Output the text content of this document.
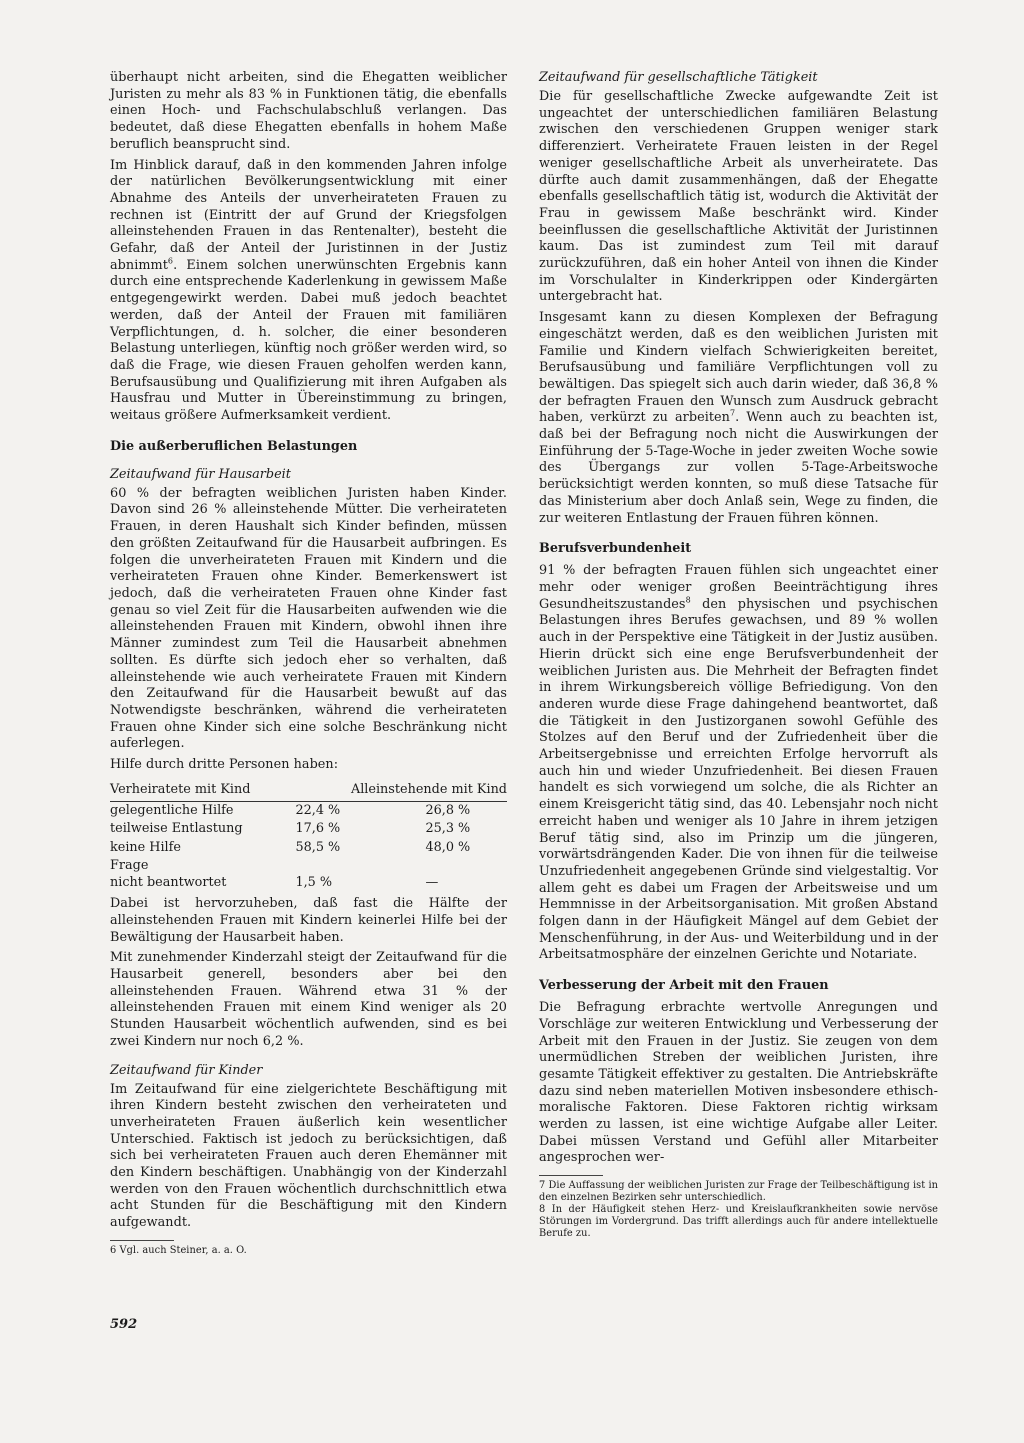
überhaupt nicht arbeiten, sind die Ehegatten weiblicher Juristen zu mehr als 83 % in Funktionen tätig, die ebenfalls einen Hoch- und Fachschulabschluß verlangen. Das bedeutet, daß diese Ehegatten ebenfalls in hohem Maße beruflich beansprucht sind.

Im Hinblick darauf, daß in den kommenden Jahren infolge der natürlichen Bevölkerungsentwicklung mit einer Abnahme des Anteils der unverheirateten Frauen zu rechnen ist (Eintritt der auf Grund der Kriegsfolgen alleinstehenden Frauen in das Rentenalter), besteht die Gefahr, daß der Anteil der Juristinnen in der Justiz abnimmt$^6$. Einem solchen unerwünschten Ergebnis kann durch eine entsprechende Kaderlenkung in gewissem Maße entgegengewirkt werden. Dabei muß jedoch beachtet werden, daß der Anteil der Frauen mit familiären Verpflichtungen, d. h. solcher, die einer besonderen Belastung unterliegen, künftig noch größer werden wird, so daß die Frage, wie diesen Frauen geholfen werden kann, Berufsausübung und Qualifizierung mit ihren Aufgaben als Hausfrau und Mutter in Übereinstimmung zu bringen, weitaus größere Aufmerksamkeit verdient.

Die außerberuflichen Belastungen
Zeitaufwand für Hausarbeit

60 % der befragten weiblichen Juristen haben Kinder. Davon sind 26 % alleinstehende Mütter. Die verheirateten Frauen, in deren Haushalt sich Kinder befinden, müssen den größten Zeitaufwand für die Hausarbeit aufbringen. Es folgen die unverheirateten Frauen mit Kindern und die verheirateten Frauen ohne Kinder. Bemerkenswert ist jedoch, daß die verheirateten Frauen ohne Kinder fast genau so viel Zeit für die Hausarbeiten aufwenden wie die alleinstehenden Frauen mit Kindern, obwohl ihnen ihre Männer zumindest zum Teil die Hausarbeit abnehmen sollten. Es dürfte sich jedoch eher so verhalten, daß alleinstehende wie auch verheiratete Frauen mit Kindern den Zeitaufwand für die Hausarbeit bewußt auf das Notwendigste beschränken, während die verheirateten Frauen ohne Kinder sich eine solche Beschränkung nicht auferlegen.

Hilfe durch dritte Personen haben:

Verheiratete mit Kind	Alleinstehende mit Kind	
gelegentliche Hilfe	22,4 %	26,8 %
teilweise Entlastung	17,6 %	25,3 %
keine Hilfe	58,5 %	48,0 %
Frage
nicht beantwortet	1,5 %	—

Dabei ist hervorzuheben, daß fast die Hälfte der alleinstehenden Frauen mit Kindern keinerlei Hilfe bei der Bewältigung der Hausarbeit haben.

Mit zunehmender Kinderzahl steigt der Zeitaufwand für die Hausarbeit generell, besonders aber bei den alleinstehenden Frauen. Während etwa 31 % der alleinstehenden Frauen mit einem Kind weniger als 20 Stunden Hausarbeit wöchentlich aufwenden, sind es bei zwei Kindern nur noch 6,2 %.

Zeitaufwand für Kinder

Im Zeitaufwand für eine zielgerichtete Beschäftigung mit ihren Kindern besteht zwischen den verheirateten und unverheirateten Frauen äußerlich kein wesentlicher Unterschied. Faktisch ist jedoch zu berücksichtigen, daß sich bei verheirateten Frauen auch deren Ehemänner mit den Kindern beschäftigen. Unabhängig von der Kinderzahl werden von den Frauen wöchentlich durchschnittlich etwa acht Stunden für die Beschäftigung mit den Kindern aufgewandt.

6 Vgl. auch Steiner, a. a. O.

Zeitaufwand für gesellschaftliche Tätigkeit

Die für gesellschaftliche Zwecke aufgewandte Zeit ist ungeachtet der unterschiedlichen familiären Belastung zwischen den verschiedenen Gruppen weniger stark differenziert. Verheiratete Frauen leisten in der Regel weniger gesellschaftliche Arbeit als unverheiratete. Das dürfte auch damit zusammenhängen, daß der Ehegatte ebenfalls gesellschaftlich tätig ist, wodurch die Aktivität der Frau in gewissem Maße beschränkt wird. Kinder beeinflussen die gesellschaftliche Aktivität der Juristinnen kaum. Das ist zumindest zum Teil mit darauf zurückzuführen, daß ein hoher Anteil von ihnen die Kinder im Vorschulalter in Kinderkrippen oder Kindergärten untergebracht hat.

Insgesamt kann zu diesen Komplexen der Befragung eingeschätzt werden, daß es den weiblichen Juristen mit Familie und Kindern vielfach Schwierigkeiten bereitet, Berufsausübung und familiäre Verpflichtungen voll zu bewältigen. Das spiegelt sich auch darin wieder, daß 36,8 % der befragten Frauen den Wunsch zum Ausdruck gebracht haben, verkürzt zu arbeiten$^7$. Wenn auch zu beachten ist, daß bei der Befragung noch nicht die Auswirkungen der Einführung der 5-Tage-Woche in jeder zweiten Woche sowie des Übergangs zur vollen 5-Tage-Arbeitswoche berücksichtigt werden konnten, so muß diese Tatsache für das Ministerium aber doch Anlaß sein, Wege zu finden, die zur weiteren Entlastung der Frauen führen können.

Berufsverbundenheit

91 % der befragten Frauen fühlen sich ungeachtet einer mehr oder weniger großen Beeinträchtigung ihres Gesundheitszustandes$^8$ den physischen und psychischen Belastungen ihres Berufes gewachsen, und 89 % wollen auch in der Perspektive eine Tätigkeit in der Justiz ausüben. Hierin drückt sich eine enge Berufsverbundenheit der weiblichen Juristen aus. Die Mehrheit der Befragten findet in ihrem Wirkungsbereich völlige Befriedigung. Von den anderen wurde diese Frage dahingehend beantwortet, daß die Tätigkeit in den Justizorganen sowohl Gefühle des Stolzes auf den Beruf und der Zufriedenheit über die Arbeitsergebnisse und erreichten Erfolge hervorruft als auch hin und wieder Unzufriedenheit. Bei diesen Frauen handelt es sich vorwiegend um solche, die als Richter an einem Kreisgericht tätig sind, das 40. Lebensjahr noch nicht erreicht haben und weniger als 10 Jahre in ihrem jetzigen Beruf tätig sind, also im Prinzip um die jüngeren, vorwärtsdrängenden Kader. Die von ihnen für die teilweise Unzufriedenheit angegebenen Gründe sind vielgestaltig. Vor allem geht es dabei um Fragen der Arbeitsweise und um Hemmnisse in der Arbeitsorganisation. Mit großen Abstand folgen dann in der Häufigkeit Mängel auf dem Gebiet der Menschenführung, in der Aus- und Weiterbildung und in der Arbeitsatmosphäre der einzelnen Gerichte und Notariate.

Verbesserung der Arbeit mit den Frauen

Die Befragung erbrachte wertvolle Anregungen und Vorschläge zur weiteren Entwicklung und Verbesserung der Arbeit mit den Frauen in der Justiz. Sie zeugen von dem unermüdlichen Streben der weiblichen Juristen, ihre gesamte Tätigkeit effektiver zu gestalten. Die Antriebskräfte dazu sind neben materiellen Motiven insbesondere ethisch-moralische Faktoren. Diese Faktoren richtig wirksam werden zu lassen, ist eine wichtige Aufgabe aller Leiter. Dabei müssen Verstand und Gefühl aller Mitarbeiter angesprochen wer-

7 Die Auffassung der weiblichen Juristen zur Frage der Teilbeschäftigung ist in den einzelnen Bezirken sehr unterschiedlich.

8 In der Häufigkeit stehen Herz- und Kreislaufkrankheiten sowie nervöse Störungen im Vordergrund. Das trifft allerdings auch für andere intellektuelle Berufe zu.

592
